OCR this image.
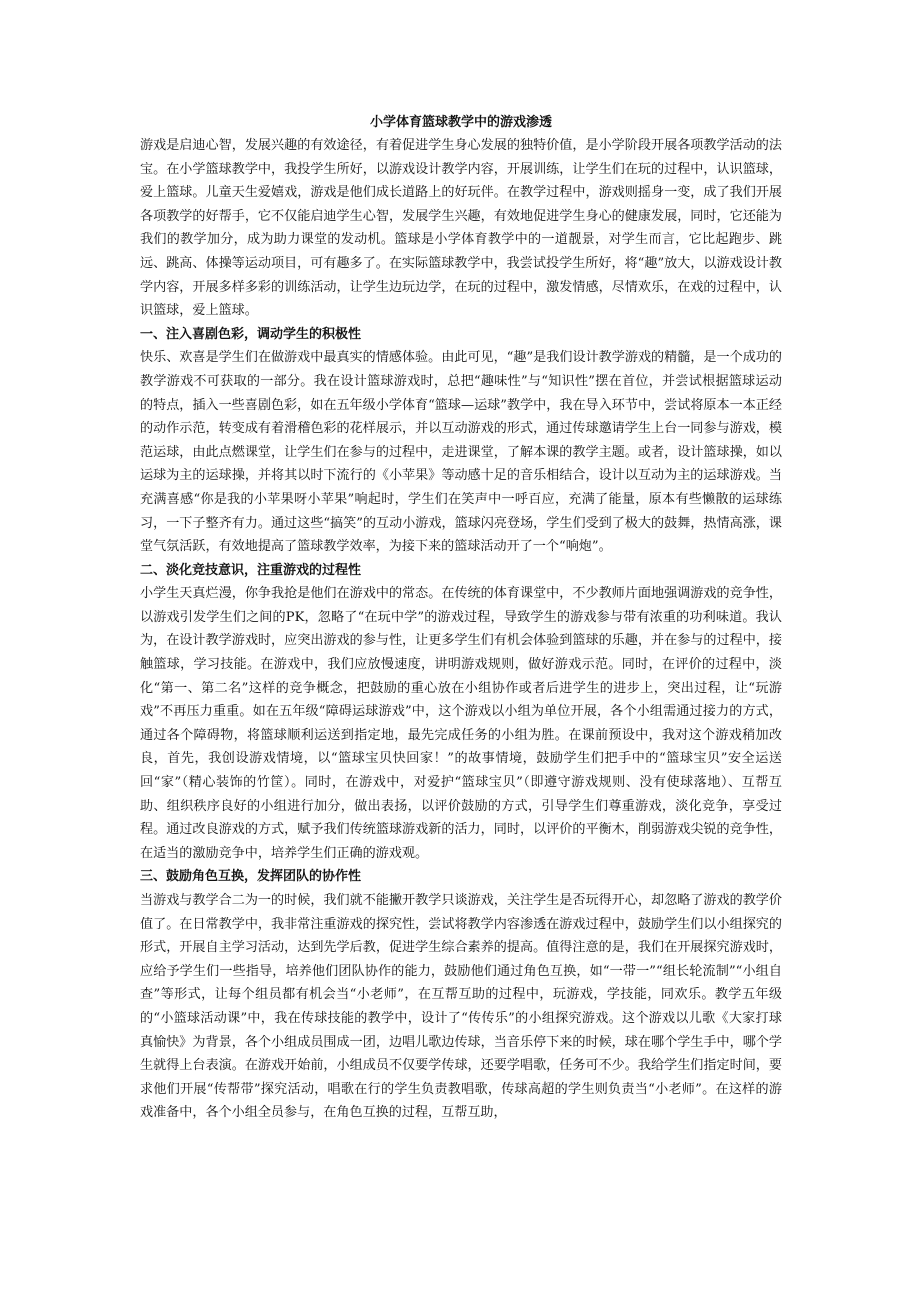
小学体育篮球教学中的游戏渗透

游戏是启迪心智，发展兴趣的有效途径，有着促进学生身心发展的独特价值，是小学阶段开展各项教学活动的法宝。在小学篮球教学中，我投学生所好，以游戏设计教学内容，开展训练，让学生们在玩的过程中，认识篮球，爱上篮球。儿童天生爱嬉戏，游戏是他们成长道路上的好玩伴。在教学过程中，游戏则摇身一变，成了我们开展各项教学的好帮手，它不仅能启迪学生心智，发展学生兴趣，有效地促进学生身心的健康发展，同时，它还能为我们的教学加分，成为助力课堂的发动机。篮球是小学体育教学中的一道靓景，对学生而言，它比起跑步、跳远、跳高、体操等运动项目，可有趣多了。在实际篮球教学中，我尝试投学生所好，将“趣”放大，以游戏设计教学内容，开展多样多彩的训练活动，让学生边玩边学，在玩的过程中，激发情感，尽情欢乐，在戏的过程中，认识篮球，爱上篮球。

一、注入喜剧色彩，调动学生的积极性

快乐、欢喜是学生们在做游戏中最真实的情感体验。由此可见，“趣”是我们设计教学游戏的精髓，是一个成功的教学游戏不可获取的一部分。我在设计篮球游戏时，总把“趣味性”与“知识性”摆在首位，并尝试根据篮球运动的特点，插入一些喜剧色彩，如在五年级小学体育“篮球—运球”教学中，我在导入环节中，尝试将原本一本正经的动作示范，转变成有着滑稽色彩的花样展示，并以互动游戏的形式，通过传球邀请学生上台一同参与游戏，模范运球，由此点燃课堂，让学生们在参与的过程中，走进课堂，了解本课的教学主题。或者，设计篮球操，如以运球为主的运球操，并将其以时下流行的《小苹果》等动感十足的音乐相结合，设计以互动为主的运球游戏。当充满喜感“你是我的小苹果呀小苹果”响起时，学生们在笑声中一呼百应，充满了能量，原本有些懒散的运球练习，一下子整齐有力。通过这些“搞笑”的互动小游戏，篮球闪亮登场，学生们受到了极大的鼓舞，热情高涨，课堂气氛活跃，有效地提高了篮球教学效率，为接下来的篮球活动开了一个“响炮”。

二、淡化竞技意识，注重游戏的过程性

小学生天真烂漫，你争我抢是他们在游戏中的常态。在传统的体育课堂中，不少教师片面地强调游戏的竞争性，以游戏引发学生们之间的PK，忽略了“在玩中学”的游戏过程，导致学生的游戏参与带有浓重的功利味道。我认为，在设计教学游戏时，应突出游戏的参与性，让更多学生们有机会体验到篮球的乐趣，并在参与的过程中，接触篮球，学习技能。在游戏中，我们应放慢速度，讲明游戏规则，做好游戏示范。同时，在评价的过程中，淡化“第一、第二名”这样的竞争概念，把鼓励的重心放在小组协作或者后进学生的进步上，突出过程，让“玩游戏”不再压力重重。如在五年级“障碍运球游戏”中，这个游戏以小组为单位开展，各个小组需通过接力的方式，通过各个障碍物，将篮球顺利运送到指定地，最先完成任务的小组为胜。在课前预设中，我对这个游戏稍加改良，首先，我创设游戏情境，以“篮球宝贝快回家！”的故事情境，鼓励学生们把手中的“篮球宝贝”安全运送回“家”（精心装饰的竹筐）。同时，在游戏中，对爱护“篮球宝贝”（即遵守游戏规则、没有使球落地）、互帮互助、组织秩序良好的小组进行加分，做出表扬，以评价鼓励的方式，引导学生们尊重游戏，淡化竞争，享受过程。通过改良游戏的方式，赋予我们传统篮球游戏新的活力，同时，以评价的平衡木，削弱游戏尖锐的竞争性，在适当的激励竞争中，培养学生们正确的游戏观。

三、鼓励角色互换，发挥团队的协作性

当游戏与教学合二为一的时候，我们就不能撇开教学只谈游戏，关注学生是否玩得开心，却忽略了游戏的教学价值了。在日常教学中，我非常注重游戏的探究性，尝试将教学内容渗透在游戏过程中，鼓励学生们以小组探究的形式，开展自主学习活动，达到先学后教，促进学生综合素养的提高。值得注意的是，我们在开展探究游戏时，应给予学生们一些指导，培养他们团队协作的能力，鼓励他们通过角色互换，如“一带一”“组长轮流制”“小组自查”等形式，让每个组员都有机会当“小老师”，在互帮互助的过程中，玩游戏，学技能，同欢乐。教学五年级的“小篮球活动课”中，我在传球技能的教学中，设计了“传传乐”的小组探究游戏。这个游戏以儿歌《大家打球真愉快》为背景，各个小组成员围成一团，边唱儿歌边传球，当音乐停下来的时候，球在哪个学生手中，哪个学生就得上台表演。在游戏开始前，小组成员不仅要学传球，还要学唱歌，任务可不少。我给学生们指定时间，要求他们开展“传帮带”探究活动，唱歌在行的学生负责教唱歌，传球高超的学生则负责当“小老师”。在这样的游戏准备中，各个小组全员参与，在角色互换的过程，互帮互助，
